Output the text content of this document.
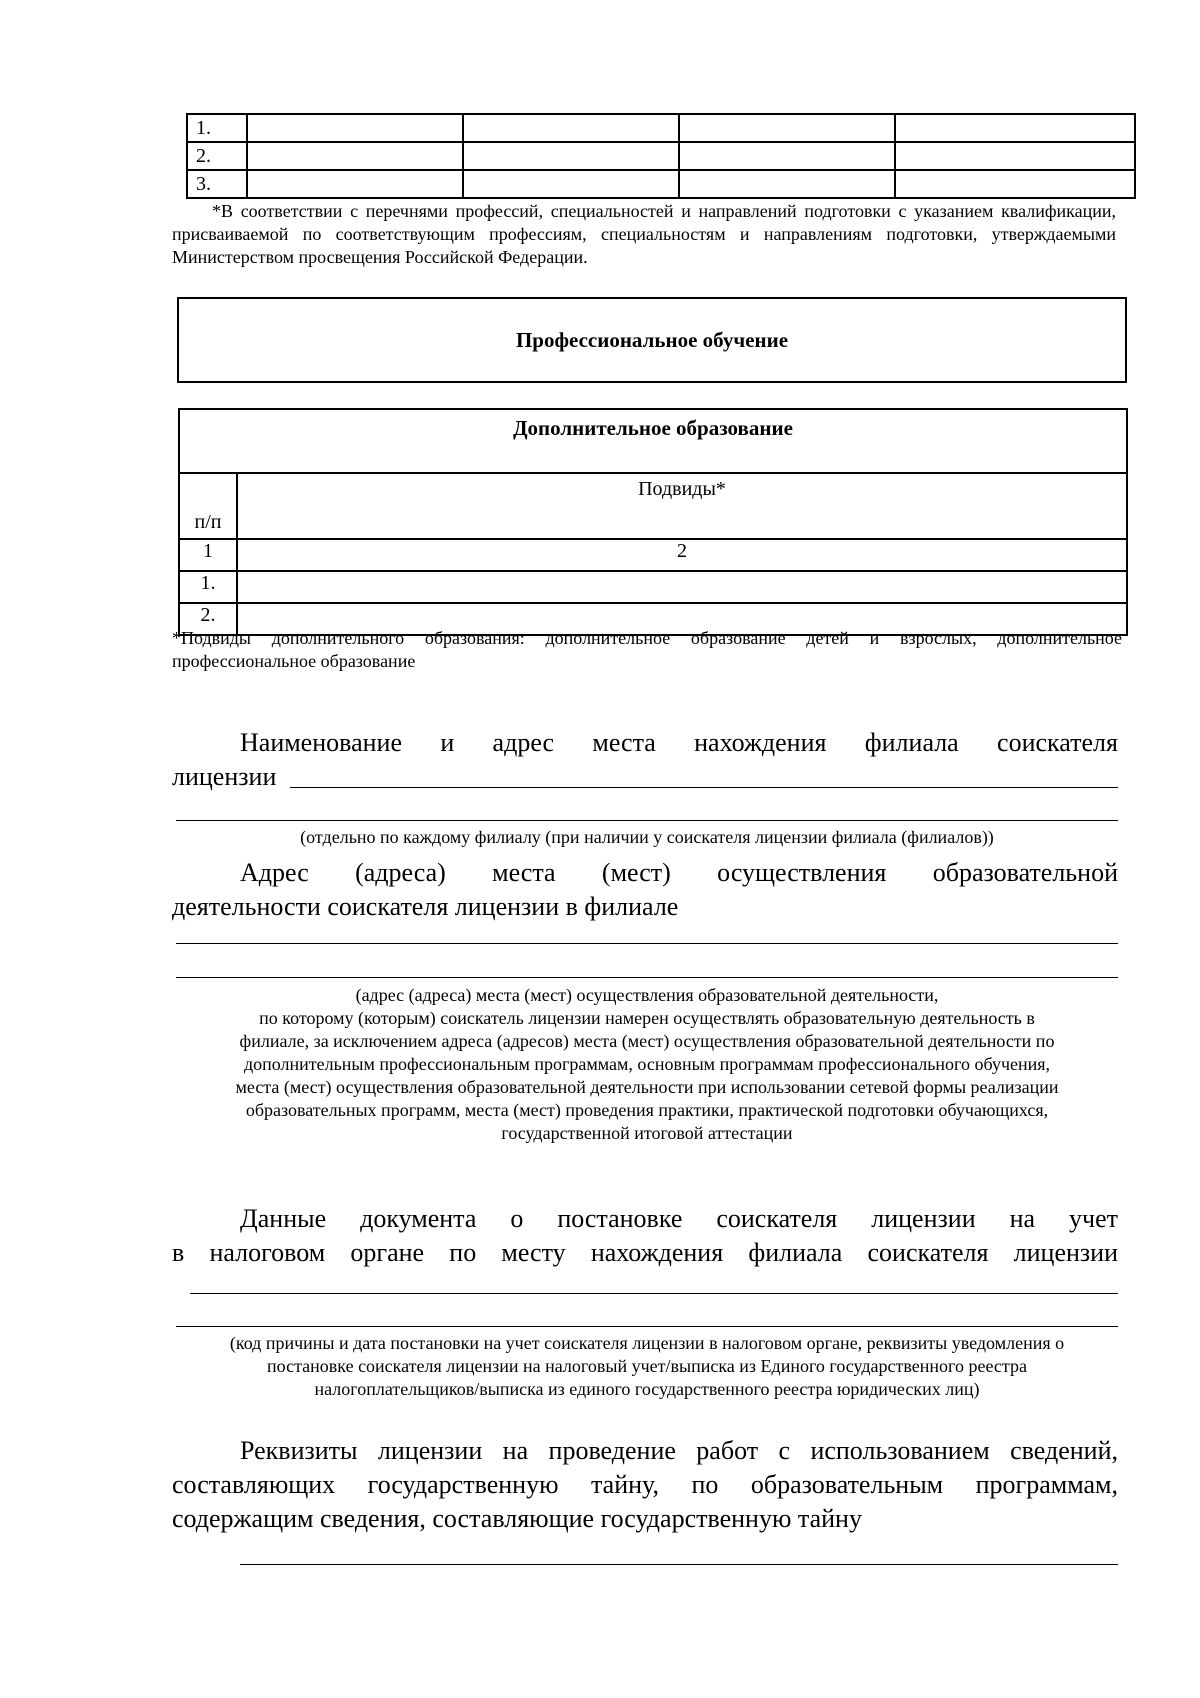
1.				
2.				
3.				
*В соответствии с перечнями профессий, специальностей и направлений подготовки с указанием квалификации, присваиваемой по соответствующим профессиям, специальностям и направлениям подготовки, утверждаемыми Министерством просвещения Российской Федерации.
Профессиональное обучение
Дополнительное образование	
п/п	Подвиды*
1	2
1.	
2.	
*Подвиды дополнительного образования: дополнительное образование детей и взрослых, дополнительное профессиональное образование
Наименование и адрес места нахождения филиала соискателя
лицензии
(отдельно по каждому филиалу (при наличии у соискателя лицензии филиала (филиалов))
Адрес (адреса) места (мест) осуществления образовательной
деятельности соискателя лицензии в филиале
(адрес (адреса) места (мест) осуществления образовательной деятельности,
по которому (которым) соискатель лицензии намерен осуществлять образовательную деятельность в
филиале, за исключением адреса (адресов) места (мест) осуществления образовательной деятельности по
дополнительным профессиональным программам, основным программам профессионального обучения,
места (мест) осуществления образовательной деятельности при использовании сетевой формы реализации
образовательных программ, места (мест) проведения практики, практической подготовки обучающихся,
государственной итоговой аттестации
Данные документа о постановке соискателя лицензии на учет
в налоговом органе по месту нахождения филиала соискателя лицензии
(код причины и дата постановки на учет соискателя лицензии в налоговом органе, реквизиты уведомления о
постановке соискателя лицензии на налоговый учет/выписка из Единого государственного реестра
налогоплательщиков/выписка из единого государственного реестра юридических лиц)
Реквизиты лицензии на проведение работ с использованием сведений,
составляющих государственную тайну, по образовательным программам,
содержащим сведения, составляющие государственную тайну
